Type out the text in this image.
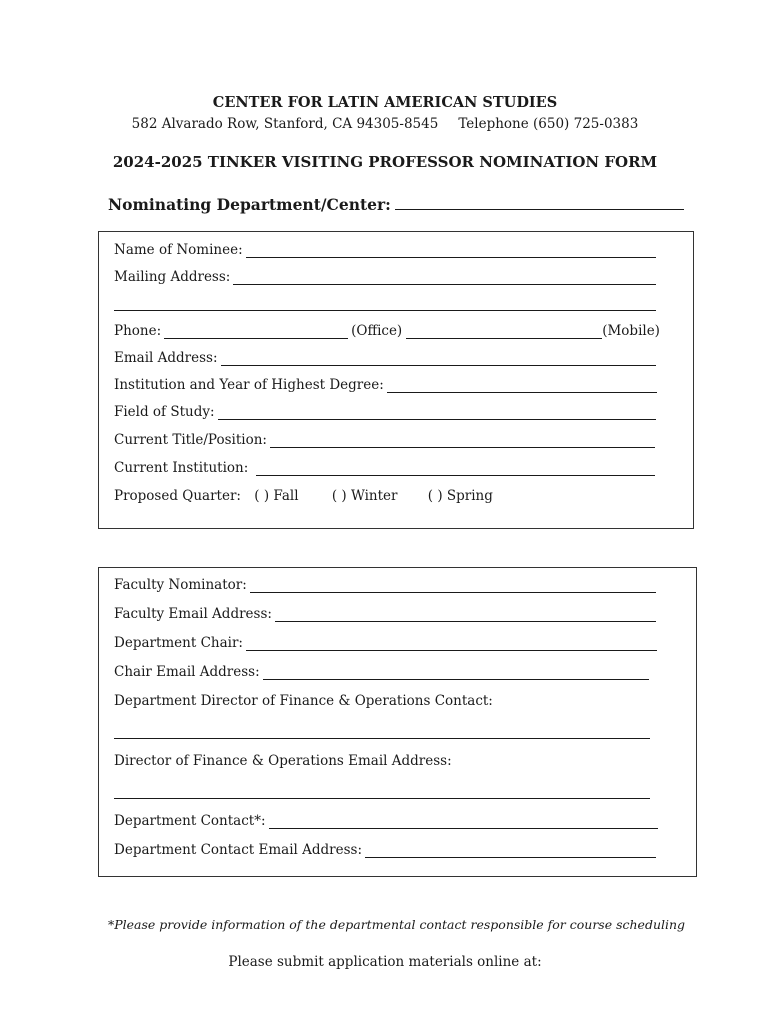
CENTER FOR LATIN AMERICAN STUDIES
582 Alvarado Row, Stanford, CA 94305-8545 Telephone (650) 725-0383
2024-2025 TINKER VISITING PROFESSOR NOMINATION FORM
Nominating Department/Center:
Name of Nominee:
Mailing Address:
Phone:	(Office)	(Mobile)
Email Address:
Institution and Year of Highest Degree:
Field of Study:
Current Title/Position:
Current Institution:
Proposed Quarter: ( ) Fall ( ) Winter ( ) Spring
Faculty Nominator:
Faculty Email Address:
Department Chair:
Chair Email Address:
Department Director of Finance & Operations Contact:
Director of Finance & Operations Email Address:
Department Contact*:
Department Contact Email Address:
*Please provide information of the departmental contact responsible for course scheduling
Please submit application materials online at:
